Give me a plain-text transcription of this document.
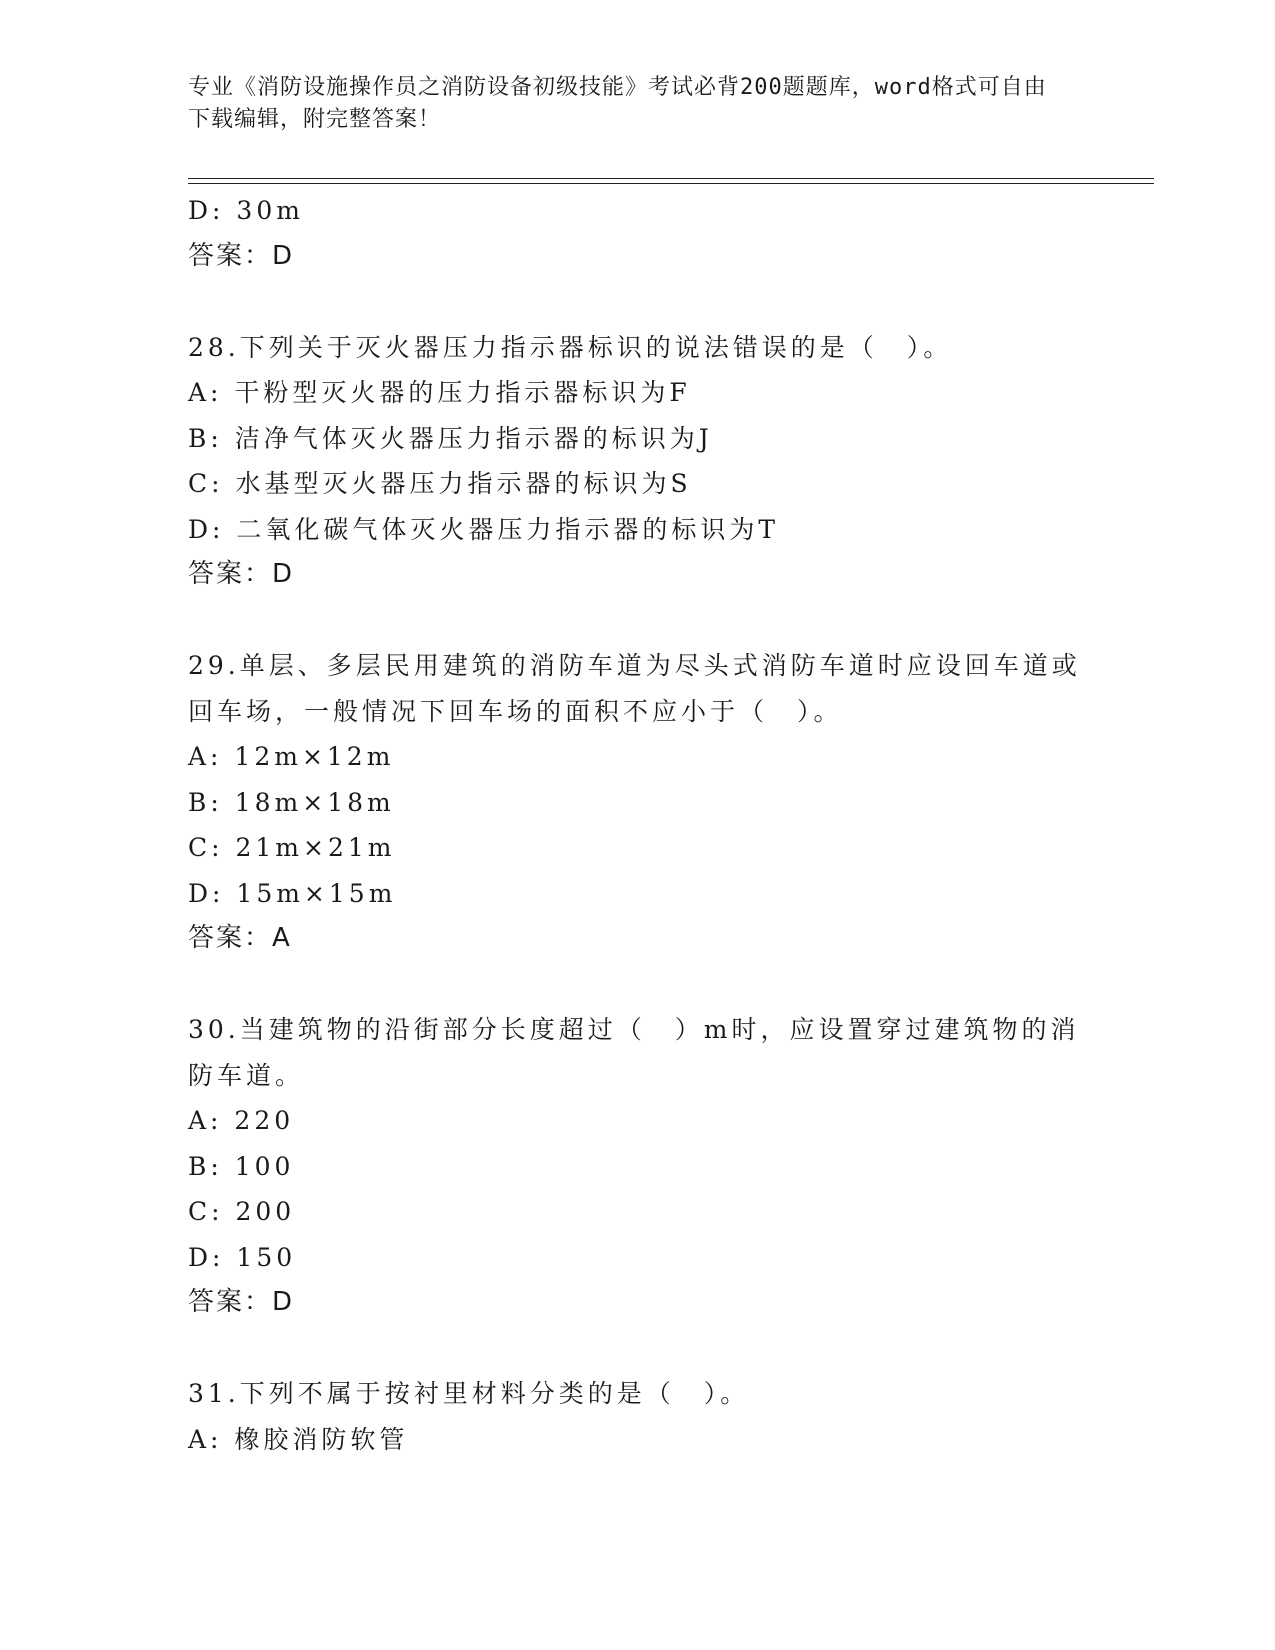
专业《消防设施操作员之消防设备初级技能》考试必背200题题库，word格式可自由下载编辑，附完整答案！
D: 30m
答案：D
28.下列关于灭火器压力指示器标识的说法错误的是（　）。
A: 干粉型灭火器的压力指示器标识为F
B: 洁净气体灭火器压力指示器的标识为J
C: 水基型灭火器压力指示器的标识为S
D: 二氧化碳气体灭火器压力指示器的标识为T
答案：D
29.单层、多层民用建筑的消防车道为尽头式消防车道时应设回车道或
回车场，一般情况下回车场的面积不应小于（　）。
A: 12m×12m
B: 18m×18m
C: 21m×21m
D: 15m×15m
答案：A
30.当建筑物的沿街部分长度超过（　）m时，应设置穿过建筑物的消
防车道。
A: 220
B: 100
C: 200
D: 150
答案：D
31.下列不属于按衬里材料分类的是（　）。
A: 橡胶消防软管
